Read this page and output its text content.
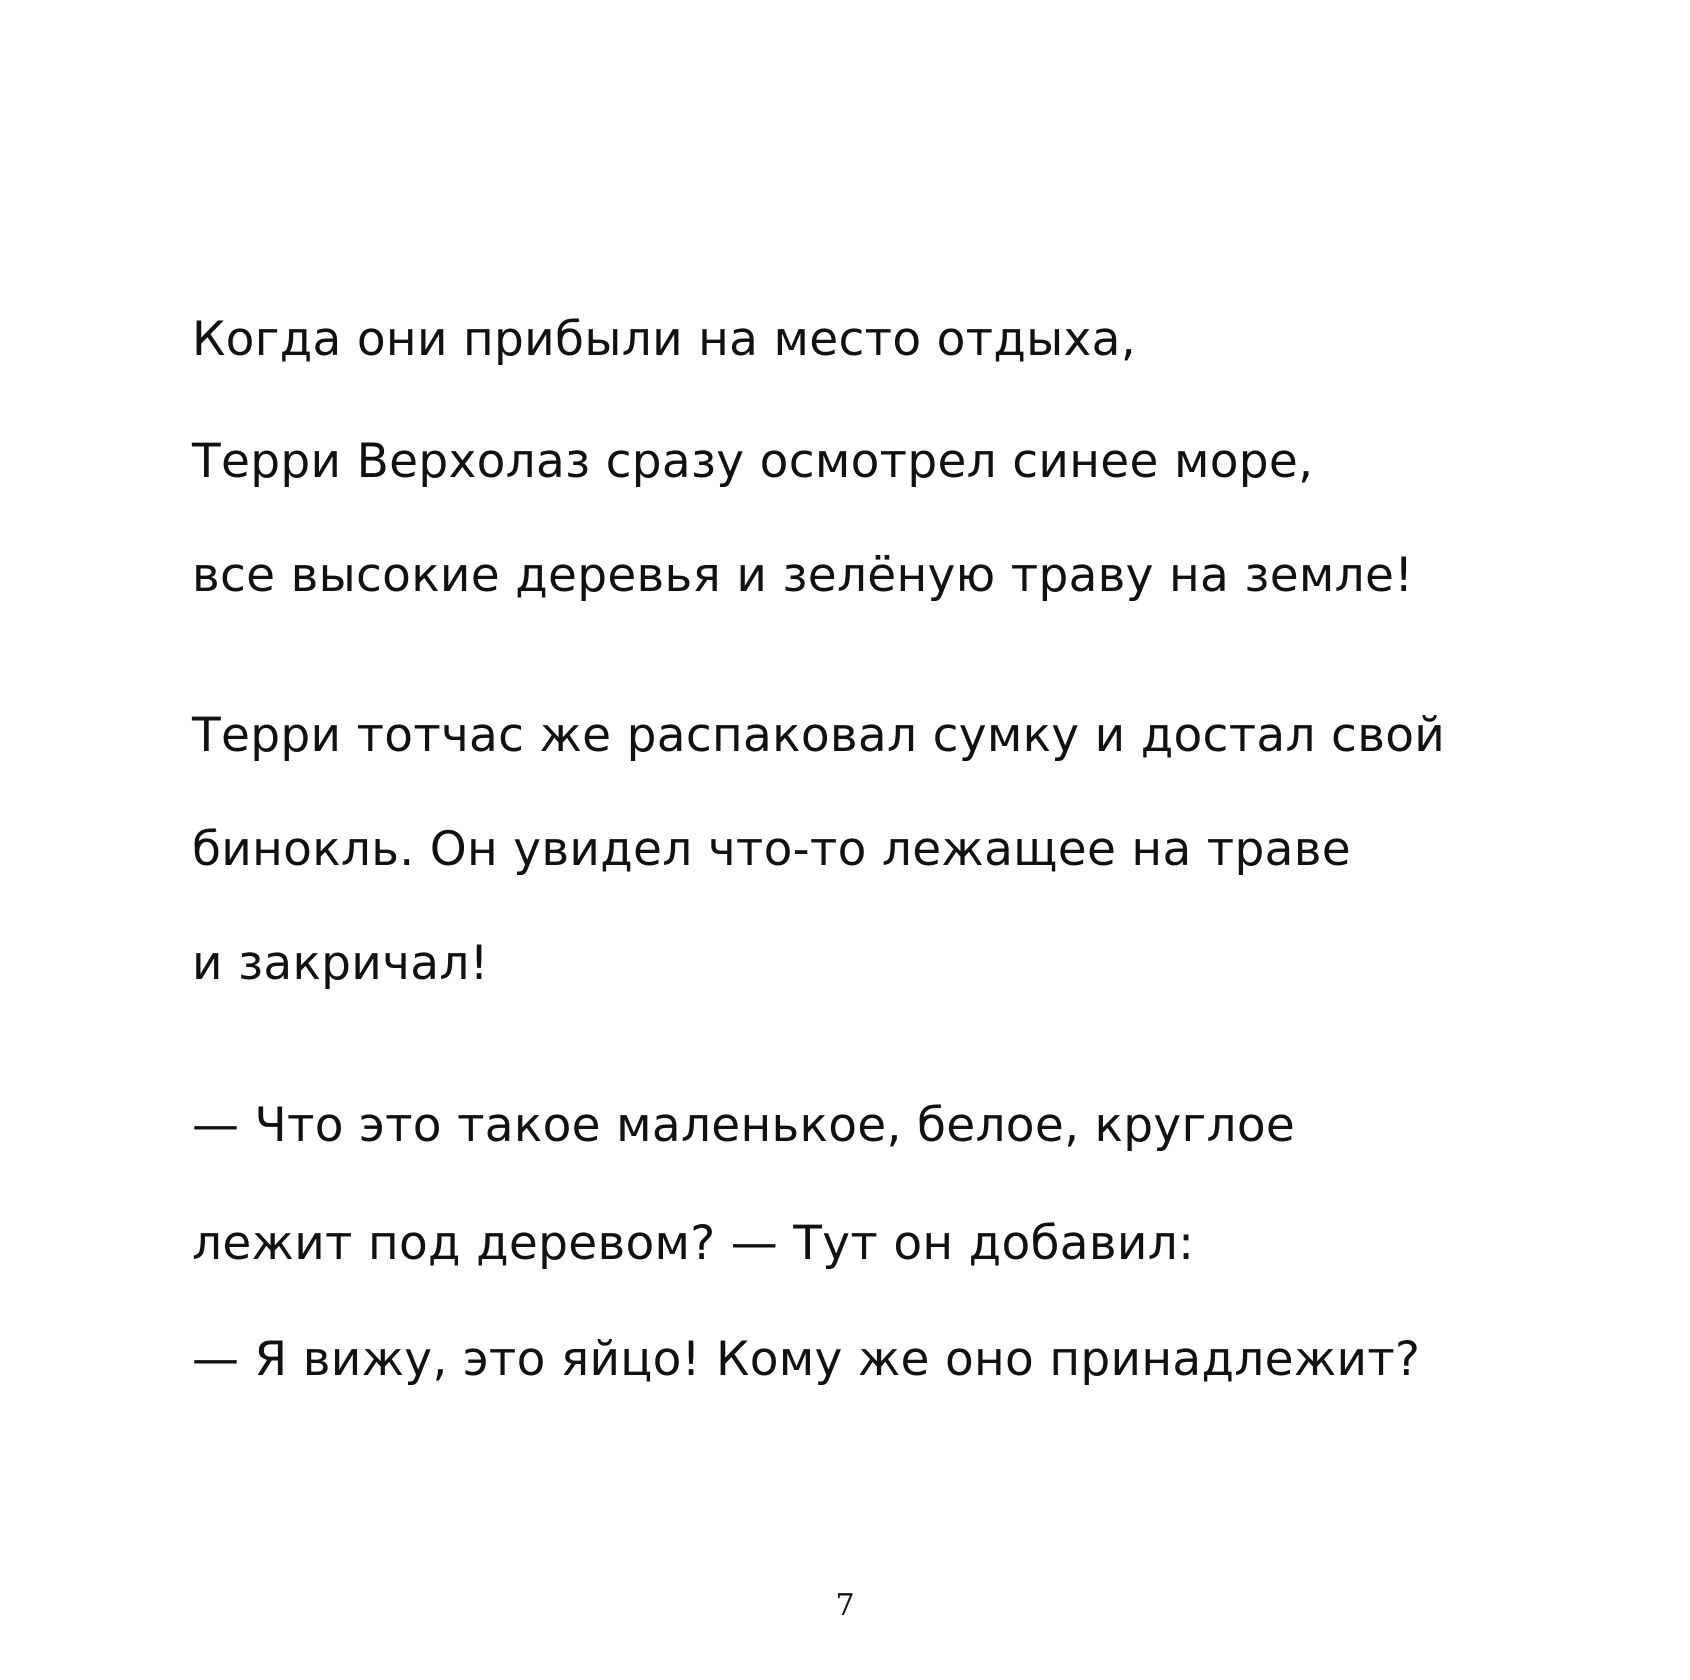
Когда они прибыли на место отдыха,

Терри Верхолаз сразу осмотрел синее море,

все высокие деревья и зелёную траву на земле!

Терри тотчас же распаковал сумку и достал свой

бинокль. Он увидел что-то лежащее на траве

и закричал!

— Что это такое маленькое, белое, круглое

лежит под деревом? — Тут он добавил:

— Я вижу, это яйцо! Кому же оно принадлежит?

7
